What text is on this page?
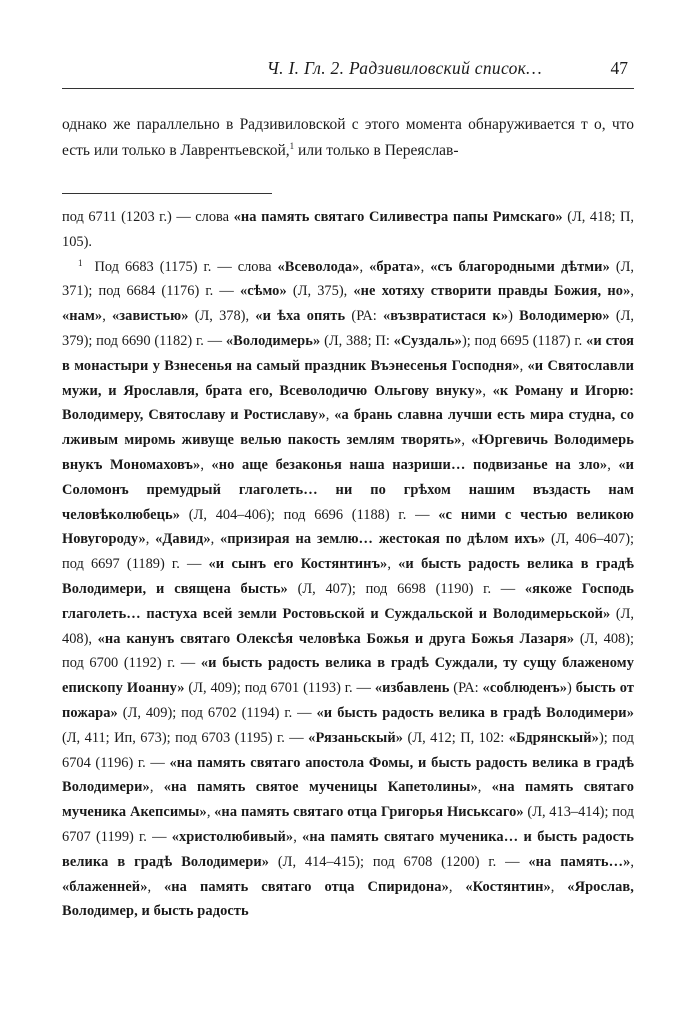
Ч. I. Гл. 2. Радзивиловский список…	47
однако же параллельно в Радзивиловской с этого момента обнаруживается т о, что есть или только в Лаврентьевской,$^1$ или только в Переяслав-

под 6711 (1203 г.) — слова «на память святаго Силивестра папы Римскаго» (Л, 418; П, 105).

$^1$ Под 6683 (1175) г. — слова «Всеволода», «брата», «съ благородными дѣтми» (Л, 371); под 6684 (1176) г. — «сѣмо» (Л, 375), «не хотяху створити правды Божия, но», «нам», «завистью» (Л, 378), «и ѣха опять (РА: «възвратистася к») Володимерю» (Л, 379); под 6690 (1182) г. — «Володимерь» (Л, 388; П: «Суздаль»); под 6695 (1187) г. «и стоя в монастыри у Взнесенья на самый праздник Въэнесенья Господня», «и Святославли мужи, и Ярославля, брата его, Всеволодичю Ольгову внуку», «к Роману и Игорю: Володимеру, Святославу и Ростиславу», «а брань славна лучши есть мира студна, со лживым миромь живуще велью пакость землям творять», «Юргевичь Володимерь внукъ Мономаховъ», «но аще безаконья наша назриши… подвизанье на зло», «и Соломонъ премудрый глаголеть… ни по грѣхом нашим въздасть нам человѣколюбець» (Л, 404–406); под 6696 (1188) г. — «с ними с честью великою Новугороду», «Давид», «призирая на землю… жестокая по дѣлом ихъ» (Л, 406–407); под 6697 (1189) г. — «и сынъ его Костянтинъ», «и бысть радость велика в градѣ Володимери, и священа бысть» (Л, 407); под 6698 (1190) г. — «якоже Господь глаголеть… пастуха всей земли Ростовьской и Суждальской и Володимерьской» (Л, 408), «на канунъ святаго Олексѣя человѣка Божья и друга Божья Лазаря» (Л, 408); под 6700 (1192) г. — «и бысть радость велика в градѣ Суждали, ту сущу блаженому епископу Иоанну» (Л, 409); под 6701 (1193) г. — «избавлень (РА: «соблюденъ») бысть от пожара» (Л, 409); под 6702 (1194) г. — «и бысть радость велика в градѣ Володимери» (Л, 411; Ип, 673); под 6703 (1195) г. — «Рязаньскый» (Л, 412; П, 102: «Бдрянскый»); под 6704 (1196) г. — «на память святаго апостола Фомы, и бысть радость велика в градѣ Володимери», «на память святое мученицы Капетолины», «на память святаго мученика Акепсимы», «на память святаго отца Григорья Ниськсаго» (Л, 413–414); под 6707 (1199) г. — «христолюбивый», «на память святаго мученика… и бысть радость велика в градѣ Володимери» (Л, 414–415); под 6708 (1200) г. — «на память…», «блаженней», «на память святаго отца Спиридона», «Костянтин», «Ярослав, Володимер, и бысть радость
